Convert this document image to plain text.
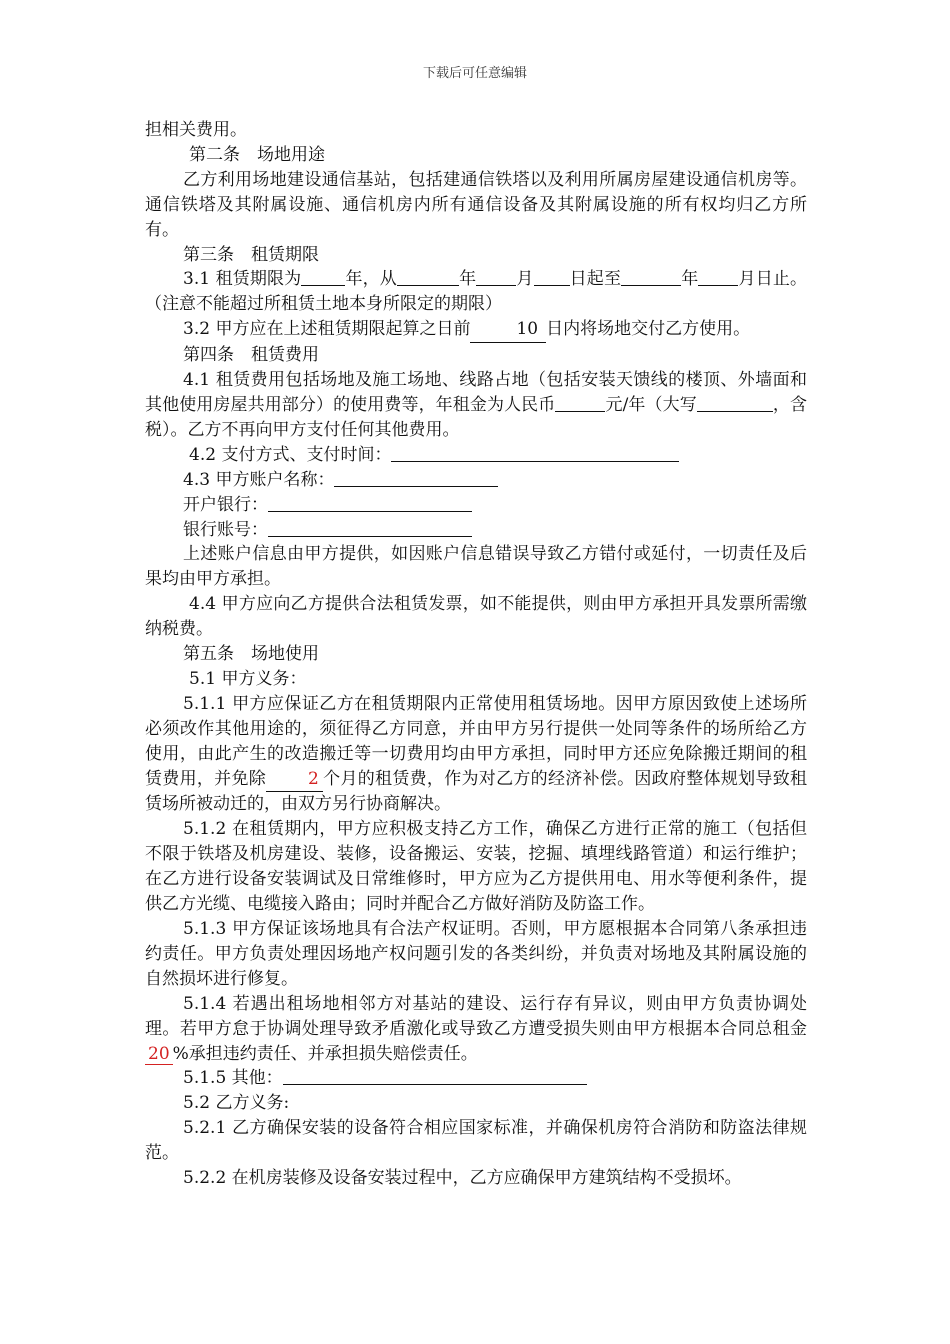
下载后可任意编辑

担相关费用。

第二条　场地用途

乙方利用场地建设通信基站，包括建通信铁塔以及利用所属房屋建设通信机房等。通信铁塔及其附属设施、通信机房内所有通信设备及其附属设施的所有权均归乙方所有。

第三条　租赁期限

3.1 租赁期限为	年，从	年 月 日起至	年 月日止。（注意不能超过所租赁土地本身所限定的期限）

3.2 甲方应在上述租赁期限起算之日前	10 日内将场地交付乙方使用。

第四条　租赁费用

4.1 租赁费用包括场地及施工场地、线路占地（包括安装天馈线的楼顶、外墙面和其他使用房屋共用部分）的使用费等，年租金为人民币	元/年（大写	，含税）。乙方不再向甲方支付任何其他费用。

4.2 支付方式、支付时间：

4.3 甲方账户名称：

开户银行：

银行账号：

上述账户信息由甲方提供，如因账户信息错误导致乙方错付或延付，一切责任及后果均由甲方承担。

4.4 甲方应向乙方提供合法租赁发票，如不能提供，则由甲方承担开具发票所需缴纳税费。

第五条　场地使用

5.1 甲方义务：

5.1.1 甲方应保证乙方在租赁期限内正常使用租赁场地。因甲方原因致使上述场所必须改作其他用途的，须征得乙方同意，并由甲方另行提供一处同等条件的场所给乙方使用，由此产生的改造搬迁等一切费用均由甲方承担，同时甲方还应免除搬迁期间的租赁费用，并免除 2 个月的租赁费，作为对乙方的经济补偿。因政府整体规划导致租赁场所被动迁的，由双方另行协商解决。

5.1.2 在租赁期内，甲方应积极支持乙方工作，确保乙方进行正常的施工（包括但不限于铁塔及机房建设、装修，设备搬运、安装，挖掘、填埋线路管道）和运行维护；在乙方进行设备安装调试及日常维修时，甲方应为乙方提供用电、用水等便利条件，提供乙方光缆、电缆接入路由；同时并配合乙方做好消防及防盗工作。

5.1.3 甲方保证该场地具有合法产权证明。否则，甲方愿根据本合同第八条承担违约责任。甲方负责处理因场地产权问题引发的各类纠纷，并负责对场地及其附属设施的自然损坏进行修复。

5.1.4 若遇出租场地相邻方对基站的建设、运行存有异议，则由甲方负责协调处理。若甲方怠于协调处理导致矛盾激化或导致乙方遭受损失则由甲方根据本合同总租金20 %承担违约责任、并承担损失赔偿责任。

5.1.5 其他：

5.2 乙方义务:

5.2.1 乙方确保安装的设备符合相应国家标准，并确保机房符合消防和防盗法律规范。

5.2.2 在机房装修及设备安装过程中，乙方应确保甲方建筑结构不受损坏。
